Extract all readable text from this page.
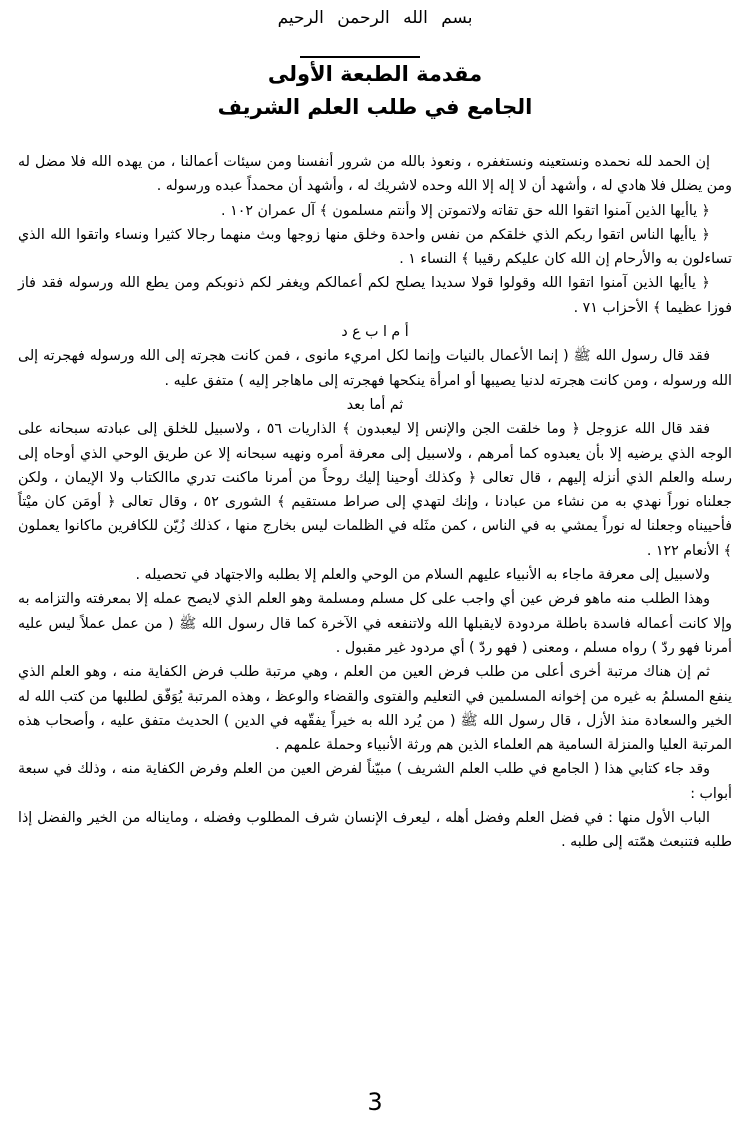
بسم الله الرحمن الرحيم
مقدمة الطبعة الأولى
الجامع في طلب العلم الشريف

إن الحمد لله نحمده ونستعينه ونستغفره ، ونعوذ بالله من شرور أنفسنا ومن سيئات أعمالنا ، من يهده الله فلا مضل له ومن يضلل فلا هادي له ، وأشهد أن لا إله إلا الله وحده لاشريك له ، وأشهد أن محمداً عبده ورسوله .

﴿ ياأيها الذين آمنوا اتقوا الله حق تقاته ولاتموتن إلا وأنتم مسلمون ﴾ آل عمران ١٠٢ .

﴿ ياأيها الناس اتقوا ربكم الذي خلقكم من نفس واحدة وخلق منها زوجها وبث منهما رجالا كثيرا ونساء واتقوا الله الذي تساءلون به والأرحام إن الله كان عليكم رقيبا ﴾ النساء ١ .

﴿ ياأيها الذين آمنوا اتقوا الله وقولوا قولا سديدا يصلح لكم أعمالكم ويغفر لكم ذنوبكم ومن يطع الله ورسوله فقد فاز فوزا عظيما ﴾ الأحزاب ٧١ .

أ م ا ب ع د

فقد قال رسول الله ﷺ ( إنما الأعمال بالنيات وإنما لكل امريء مانوى ، فمن كانت هجرته إلى الله ورسوله فهجرته إلى الله ورسوله ، ومن كانت هجرته لدنيا يصيبها أو امرأة ينكحها فهجرته إلى ماهاجر إليه ) متفق عليه .

ثم أما بعد

فقد قال الله عزوجل ﴿ وما خلقت الجن والإنس إلا ليعبدون ﴾ الذاريات ٥٦ ، ولاسبيل للخلق إلى عبادته سبحانه على الوجه الذي يرضيه إلا بأن يعبدوه كما أمرهم ، ولاسبيل إلى معرفة أمره ونهيه سبحانه إلا عن طريق الوحي الذي أوحاه إلى رسله والعلم الذي أنزله إليهم ، قال تعالى ﴿ وكذلك أوحينا إليك روحاً من أمرنا ماكنت تدري ماالكتاب ولا الإيمان ، ولكن جعلناه نوراً نهدي به من نشاء من عبادنا ، وإنك لتهدي إلى صراط مستقيم ﴾ الشورى ٥٢ ، وقال تعالى ﴿ أومَن كان ميْتاً فأحييناه وجعلنا له نوراً يمشي به في الناس ، كمن مثَله في الظلمات ليس بخارج منها ، كذلك زُيّن للكافرين ماكانوا يعملون ﴾ الأنعام ١٢٢ .

ولاسبيل إلى معرفة ماجاء به الأنبياء عليهم السلام من الوحي والعلم إلا بطلبه والاجتهاد في تحصيله .

وهذا الطلب منه ماهو فرض عين أي واجب على كل مسلم ومسلمة وهو العلم الذي لايصح عمله إلا بمعرفته والتزامه به وإلا كانت أعماله فاسدة باطلة مردودة لايقبلها الله ولاتنفعه في الآخرة كما قال رسول الله ﷺ ( من عمل عملاً ليس عليه أمرنا فهو ردّ ) رواه مسلم ، ومعنى ( فهو ردّ ) أي مردود غير مقبول .

ثم إن هناك مرتبة أخرى أعلى من طلب فرض العين من العلم ، وهي مرتبة طلب فرض الكفاية منه ، وهو العلم الذي ينفع المسلمُ به غيره من إخوانه المسلمين في التعليم والفتوى والقضاء والوعظ ، وهذه المرتبة يُوَفّق لطلبها من كتب الله له الخير والسعادة منذ الأزل ، قال رسول الله ﷺ ( من يُرد الله به خيراً يفقّهه في الدين ) الحديث متفق عليه ، وأصحاب هذه المرتبة العليا والمنزلة السامية هم العلماء الذين هم ورثة الأنبياء وحملة علمهم .

وقد جاء كتابي هذا ( الجامع في طلب العلم الشريف ) مبيّناً لفرض العين من العلم وفرض الكفاية منه ، وذلك في سبعة أبواب :

الباب الأول منها : في فضل العلم وفضل أهله ، ليعرف الإنسان شرف المطلوب وفضله ، ومايناله من الخير والفضل إذا طلبه فتنبعث همّته إلى طلبه .

3
